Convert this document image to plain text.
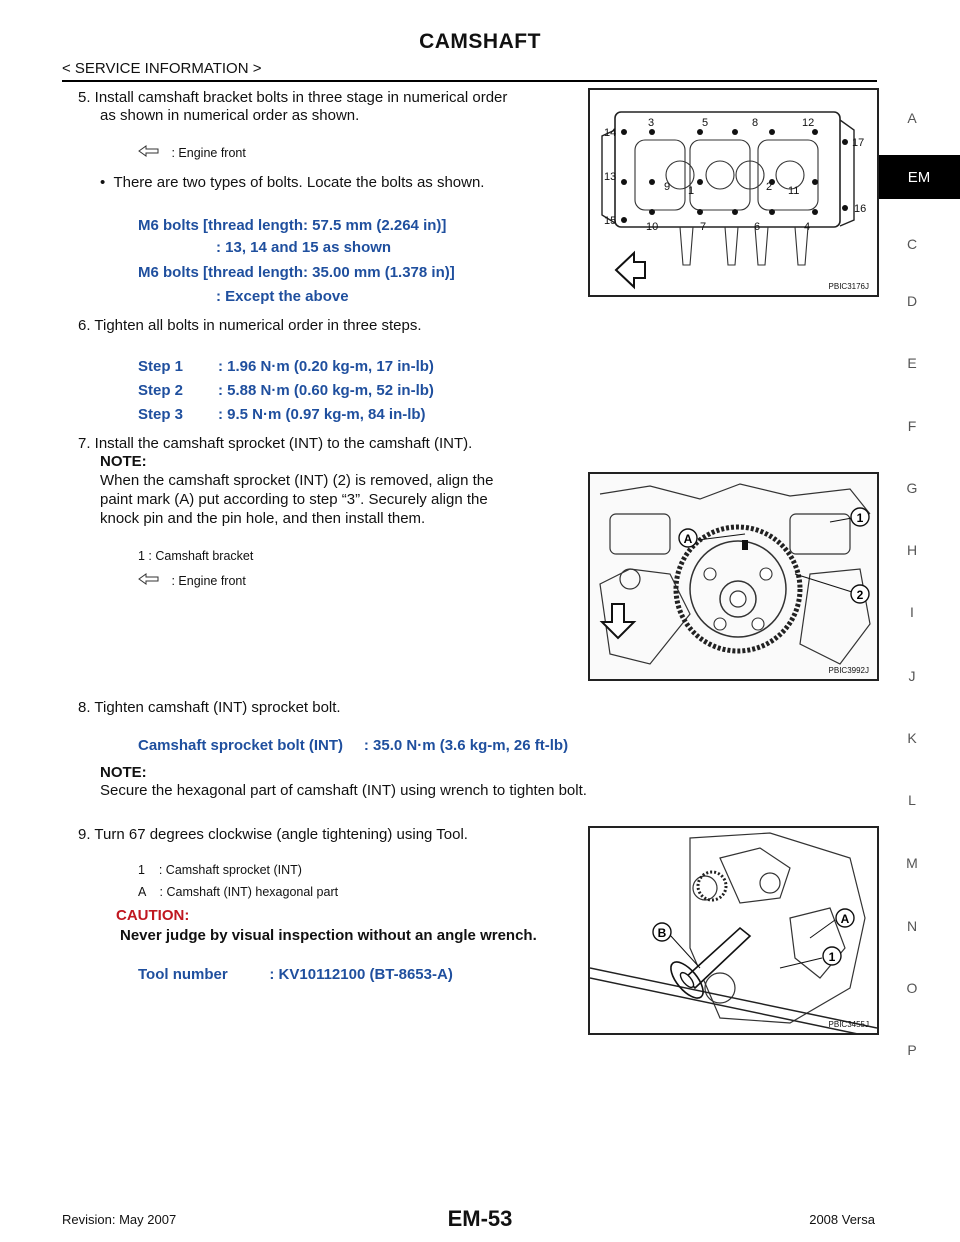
CAMSHAFT
< SERVICE INFORMATION >
A
EM
C
D
E
F
G
H
I
J
K
L
M
N
O
P
5. Install camshaft bracket bolts in three stage in numerical order
as shown in numerical order as shown.
: Engine front
• There are two types of bolts. Locate the bolts as shown.
M6 bolts [thread length: 57.5 mm (2.264 in)]
: 13, 14 and 15 as shown
M6 bolts [thread length: 35.00 mm (1.378 in)]
: Except the above
14
3	5	8	12
17
13
9 1	2 11
15	10	7	6	4
16
PBIC3176J
6. Tighten all bolts in numerical order in three steps.
Step 1 : 1.96 N·m (0.20 kg-m, 17 in-lb)
Step 2 : 5.88 N·m (0.60 kg-m, 52 in-lb)
Step 3 : 9.5 N·m (0.97 kg-m, 84 in-lb)
7. Install the camshaft sprocket (INT) to the camshaft (INT).
NOTE:
When the camshaft sprocket (INT) (2) is removed, align the
paint mark (A) put according to step “3”. Securely align the
knock pin and the pin hole, and then install them.
1 : Camshaft bracket
: Engine front
A
1
2
PBIC3992J
8. Tighten camshaft (INT) sprocket bolt.
Camshaft sprocket bolt (INT)     : 35.0 N·m (3.6 kg-m, 26 ft-lb)
NOTE:
Secure the hexagonal part of camshaft (INT) using wrench to tighten bolt.
9. Turn 67 degrees clockwise (angle tightening) using Tool.
1    : Camshaft sprocket (INT)
A    : Camshaft (INT) hexagonal part
CAUTION:
Never judge by visual inspection without an angle wrench.
Tool number          : KV10112100 (BT-8653-A)
B
A
1
PBIC3455J
Revision: May 2007	EM-53	2008 Versa
